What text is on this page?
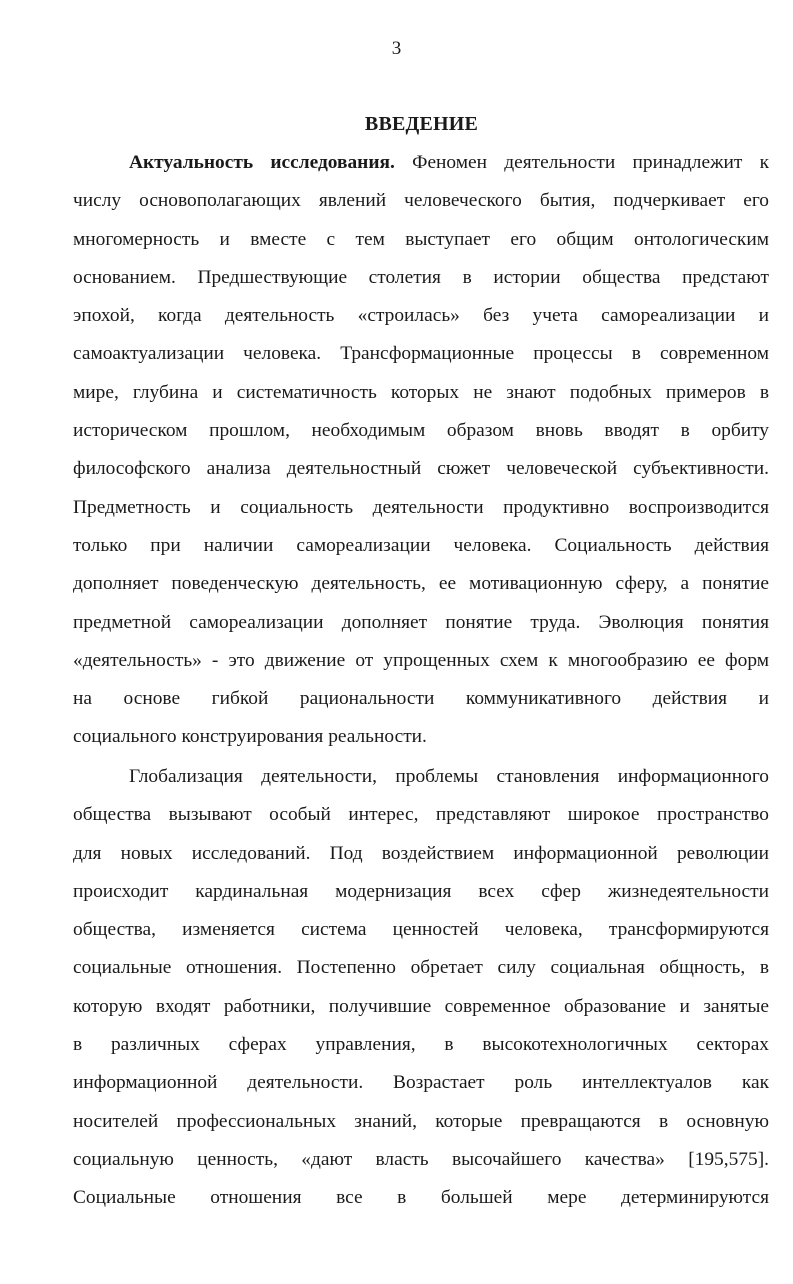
3
ВВЕДЕНИЕ
Актуальность исследования. Феномен деятельности принадлежит к
числу основополагающих явлений человеческого бытия, подчеркивает его
многомерность и вместе с тем выступает его общим онтологическим
основанием. Предшествующие столетия в истории общества предстают
эпохой, когда деятельность «строилась» без учета самореализации и
самоактуализации человека. Трансформационные процессы в современном
мире, глубина и систематичность которых не знают подобных примеров в
историческом прошлом, необходимым образом вновь вводят в орбиту
философского анализа деятельностный сюжет человеческой субъективности.
Предметность и социальность деятельности продуктивно воспроизводится
только при наличии самореализации человека. Социальность действия
дополняет поведенческую деятельность, ее мотивационную сферу, а понятие
предметной самореализации дополняет понятие труда. Эволюция понятия
«деятельность» - это движение от упрощенных схем к многообразию ее форм
на основе гибкой рациональности коммуникативного действия и
социального конструирования реальности.
Глобализация деятельности, проблемы становления информационного
общества вызывают особый интерес, представляют широкое пространство
для новых исследований. Под воздействием информационной революции
происходит кардинальная модернизация всех сфер жизнедеятельности
общества, изменяется система ценностей человека, трансформируются
социальные отношения. Постепенно обретает силу социальная общность, в
которую входят работники, получившие современное образование и занятые
в различных сферах управления, в высокотехнологичных секторах
информационной деятельности. Возрастает роль интеллектуалов как
носителей профессиональных знаний, которые превращаются в основную
социальную ценность, «дают власть высочайшего качества» [195,575].
Социальные отношения все в большей мере детерминируются
